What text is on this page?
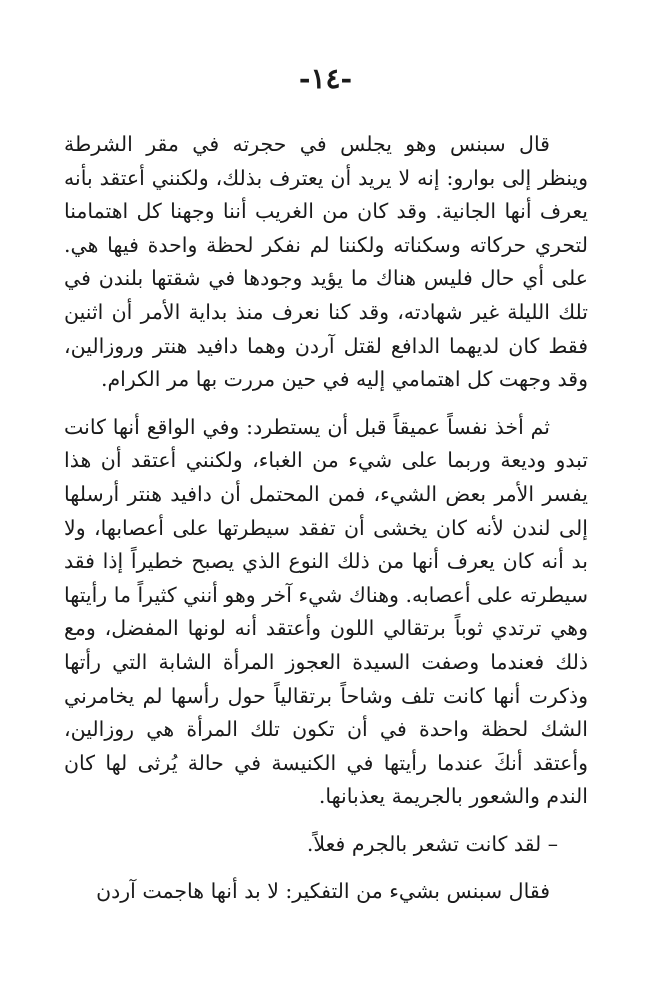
-١٤-

قال سبنس وهو يجلس في حجرته في مقر الشرطة وينظر إلى بوارو: إنه لا يريد أن يعترف بذلك، ولكنني أعتقد بأنه يعرف أنها الجانية. وقد كان من الغريب أننا وجهنا كل اهتمامنا لتحري حركاته وسكناته ولكننا لم نفكر لحظة واحدة فيها هي. على أي حال فليس هناك ما يؤيد وجودها في شقتها بلندن في تلك الليلة غير شهادته، وقد كنا نعرف منذ بداية الأمر أن اثنين فقط كان لديهما الدافع لقتل آردن وهما دافيد هنتر وروزالين، وقد وجهت كل اهتمامي إليه في حين مررت بها مر الكرام.

ثم أخذ نفساً عميقاً قبل أن يستطرد: وفي الواقع أنها كانت تبدو وديعة وربما على شيء من الغباء، ولكنني أعتقد أن هذا يفسر الأمر بعض الشيء، فمن المحتمل أن دافيد هنتر أرسلها إلى لندن لأنه كان يخشى أن تفقد سيطرتها على أعصابها، ولا بد أنه كان يعرف أنها من ذلك النوع الذي يصبح خطيراً إذا فقد سيطرته على أعصابه. وهناك شيء آخر وهو أنني كثيراً ما رأيتها وهي ترتدي ثوباً برتقالي اللون وأعتقد أنه لونها المفضل، ومع ذلك فعندما وصفت السيدة العجوز المرأة الشابة التي رأتها وذكرت أنها كانت تلف وشاحاً برتقالياً حول رأسها لم يخامرني الشك لحظة واحدة في أن تكون تلك المرأة هي روزالين، وأعتقد أنكَ عندما رأيتها في الكنيسة في حالة يُرثى لها كان الندم والشعور بالجريمة يعذبانها.

– لقد كانت تشعر بالجرم فعلاً.

فقال سبنس بشيء من التفكير: لا بد أنها هاجمت آردن
